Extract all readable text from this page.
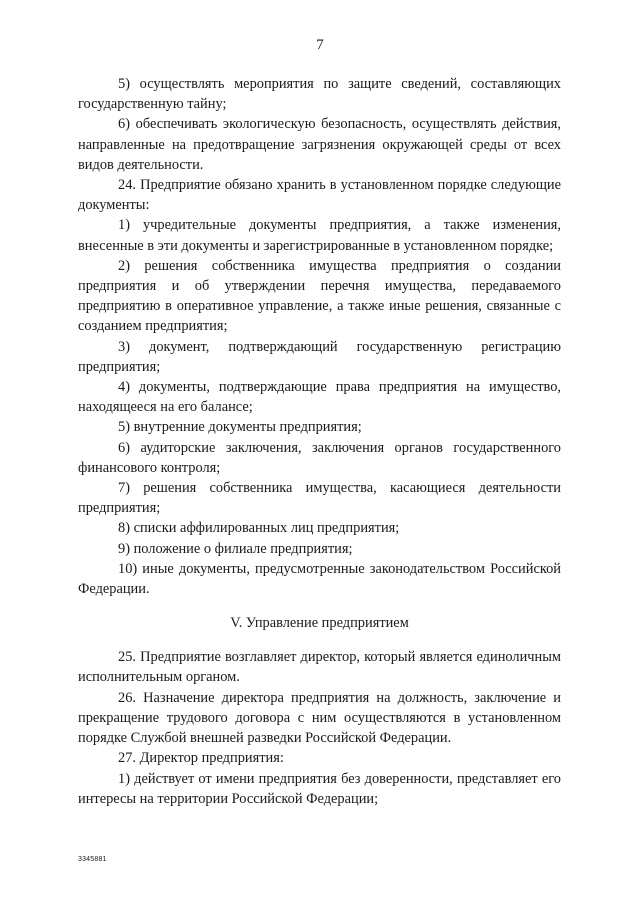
7

5) осуществлять мероприятия по защите сведений, составляющих государственную тайну;

6) обеспечивать экологическую безопасность, осуществлять действия, направленные на предотвращение загрязнения окружающей среды от всех видов деятельности.

24. Предприятие обязано хранить в установленном порядке следующие документы:

1) учредительные документы предприятия, а также изменения, внесенные в эти документы и зарегистрированные в установленном порядке;

2) решения собственника имущества предприятия о создании предприятия и об утверждении перечня имущества, передаваемого предприятию в оперативное управление, а также иные решения, связанные с созданием предприятия;

3) документ, подтверждающий государственную регистрацию предприятия;

4) документы, подтверждающие права предприятия на имущество, находящееся на его балансе;

5) внутренние документы предприятия;

6) аудиторские заключения, заключения органов государственного финансового контроля;

7) решения собственника имущества, касающиеся деятельности предприятия;

8) списки аффилированных лиц предприятия;

9) положение о филиале предприятия;

10) иные документы, предусмотренные законодательством Российской Федерации.

V. Управление предприятием

25. Предприятие возглавляет директор, который является единоличным исполнительным органом.

26. Назначение директора предприятия на должность, заключение и прекращение трудового договора с ним осуществляются в установленном порядке Службой внешней разведки Российской Федерации.

27. Директор предприятия:

1) действует от имени предприятия без доверенности, представляет его интересы на территории Российской Федерации;

3345881
